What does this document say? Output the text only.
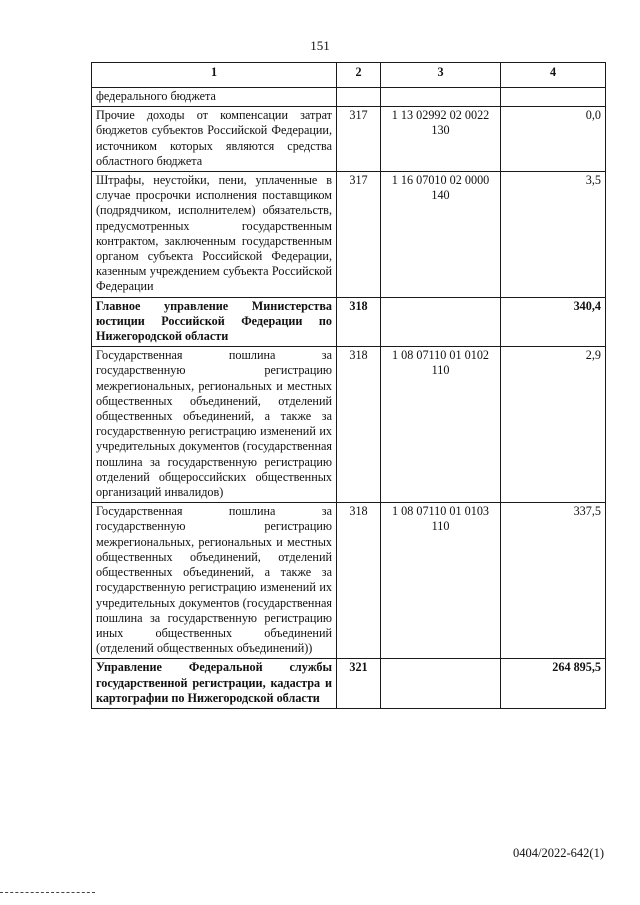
151
1	2	3	4
федерального бюджета			
Прочие доходы от компенсации затрат бюджетов субъектов Российской Федерации, источником которых являются средства областного бюджета	317	1 13 02992 02 0022 130	0,0
Штрафы, неустойки, пени, уплаченные в случае просрочки исполнения поставщиком (подрядчиком, исполнителем) обязательств, предусмотренных государственным контрактом, заключенным государственным органом субъекта Российской Федерации, казенным учреждением субъекта Российской Федерации	317	1 16 07010 02 0000 140	3,5
Главное управление Министерства юстиции Российской Федерации по Нижегородской области	318		340,4
Государственная пошлина за государственную регистрацию межрегиональных, региональных и местных общественных объединений, отделений общественных объединений, а также за государственную регистрацию изменений их учредительных документов (государственная пошлина за государственную регистрацию отделений общероссийских общественных организаций инвалидов)	318	1 08 07110 01 0102 110	2,9
Государственная пошлина за государственную регистрацию межрегиональных, региональных и местных общественных объединений, отделений общественных объединений, а также за государственную регистрацию изменений их учредительных документов (государственная пошлина за государственную регистрацию иных общественных объединений (отделений общественных объединений))	318	1 08 07110 01 0103 110	337,5
Управление Федеральной службы государственной регистрации, кадастра и картографии по Нижегородской области	321		264 895,5
0404/2022-642(1)
